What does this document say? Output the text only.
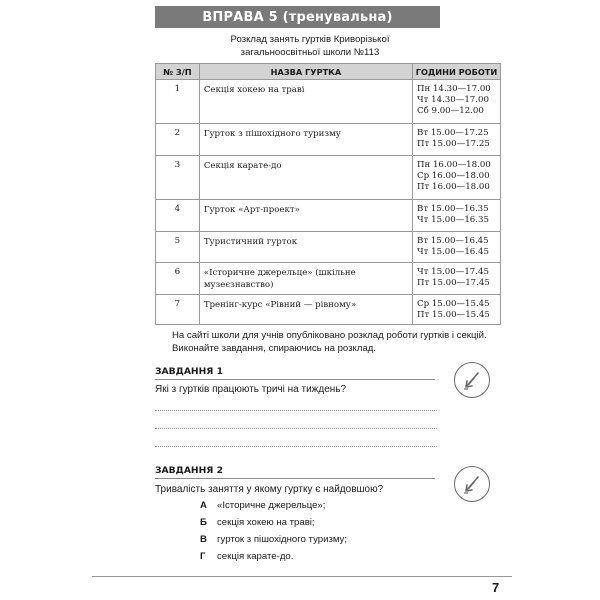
ВПРАВА 5 (тренувальна)
Розклад занять гуртків Криворізької загальноосвітньої школи №113
№ З/П	НАЗВА ГУРТКА	ГОДИНИ РОБОТИ
1	Секція хокею на траві	Пн 14.30—17.00
Чт 14.30—17.00
Сб 9.00—12.00

2	Гурток з пішохідного туризму	Вт 15.00—17.25
Пт 15.00—17.25

3	Секція карате-до	Пн 16.00—18.00
Ср 16.00—18.00
Пт 16.00—18.00

4	Гурток «Арт-проект»	Вт 15.00—16.35
Чт 15.00—16.35

5	Туристичний гурток	Вт 15.00—16.45
Чт 15.00—16.45

6	«Історичне джерельце» (шкільне музеєзнавство)	Чт 15.00—17.45
Пт 15.00—17.45

7	Тренінг-курс «Рівний — рівному»	Ср 15.00—15.45
Пт 15.00—15.45
На сайті школи для учнів опубліковано розклад роботи гуртків і секцій. Виконайте завдання, спираючись на розклад.
ЗАВДАННЯ 1
Які з гуртків працюють тричі на тиждень?
ЗАВДАННЯ 2
Тривалість заняття у якому гуртку є найдовшою?
А	«Історичне джерельце»;
Б	секція хокею на траві;
В	гурток з пішохідного туризму;
Г	секція карате-до.
7
